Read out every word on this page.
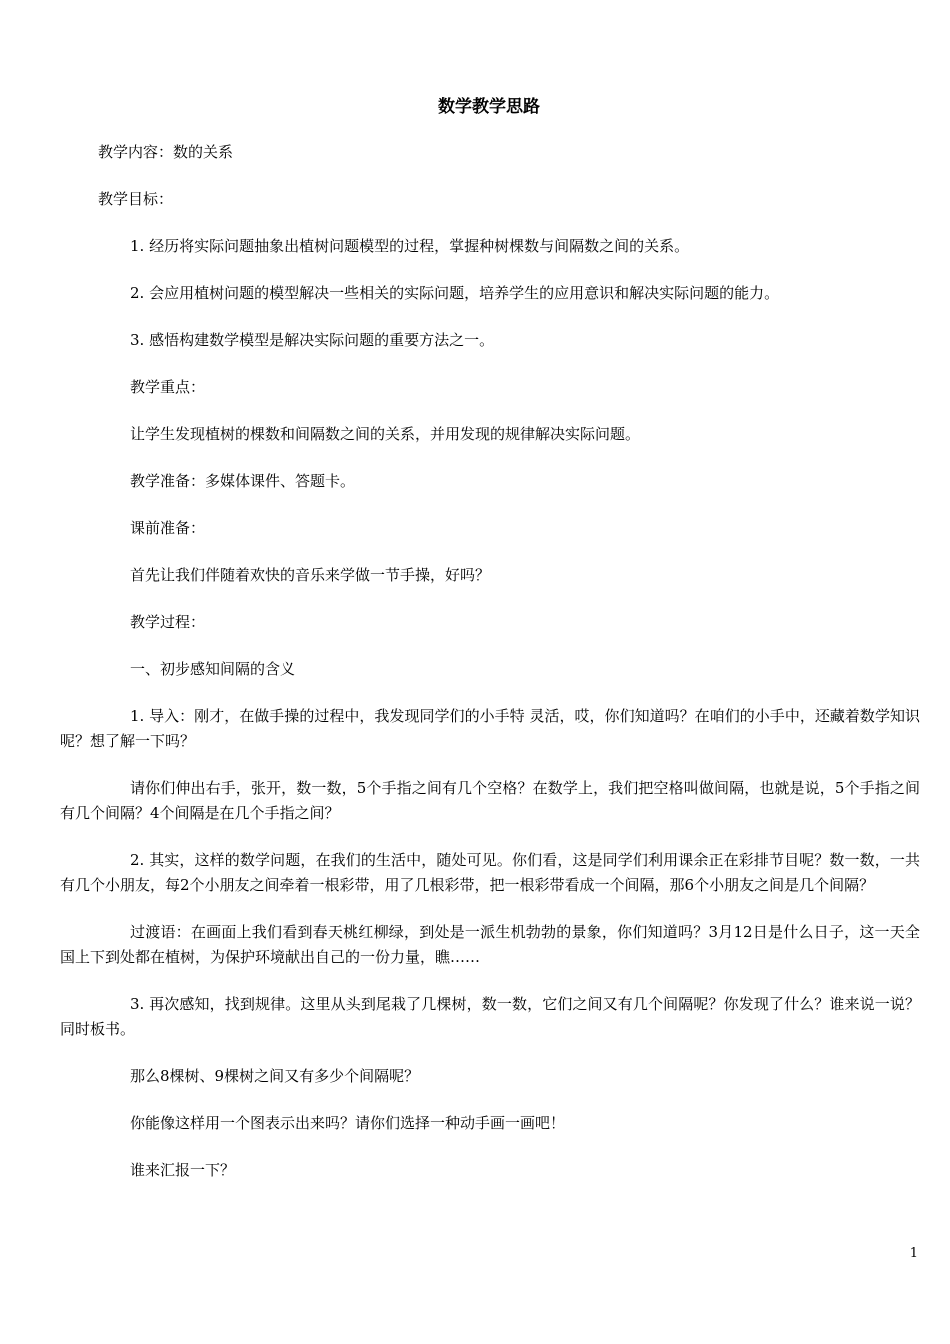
数学教学思路

教学内容：数的关系

教学目标：

1. 经历将实际问题抽象出植树问题模型的过程，掌握种树棵数与间隔数之间的关系。

2. 会应用植树问题的模型解决一些相关的实际问题，培养学生的应用意识和解决实际问题的能力。

3. 感悟构建数学模型是解决实际问题的重要方法之一。

教学重点：

让学生发现植树的棵数和间隔数之间的关系，并用发现的规律解决实际问题。

教学准备：多媒体课件、答题卡。

课前准备：

首先让我们伴随着欢快的音乐来学做一节手操，好吗？

教学过程：

一、初步感知间隔的含义

1. 导入：刚才，在做手操的过程中，我发现同学们的小手特 灵活，哎，你们知道吗？在咱们的小手中，还藏着数学知识呢？想了解一下吗？

请你们伸出右手，张开，数一数，5个手指之间有几个空格？在数学上，我们把空格叫做间隔，也就是说，5个手指之间有几个间隔？4个间隔是在几个手指之间？

2. 其实，这样的数学问题，在我们的生活中，随处可见。你们看，这是同学们利用课余正在彩排节目呢？数一数，一共有几个小朋友，每2个小朋友之间牵着一根彩带，用了几根彩带，把一根彩带看成一个间隔，那6个小朋友之间是几个间隔？

过渡语：在画面上我们看到春天桃红柳绿，到处是一派生机勃勃的景象，你们知道吗？3月12日是什么日子，这一天全国上下到处都在植树，为保护环境献出自己的一份力量，瞧……

3. 再次感知，找到规律。这里从头到尾栽了几棵树，数一数，它们之间又有几个间隔呢？你发现了什么？谁来说一说？同时板书。

那么8棵树、9棵树之间又有多少个间隔呢？

你能像这样用一个图表示出来吗？请你们选择一种动手画一画吧！

谁来汇报一下？

1
